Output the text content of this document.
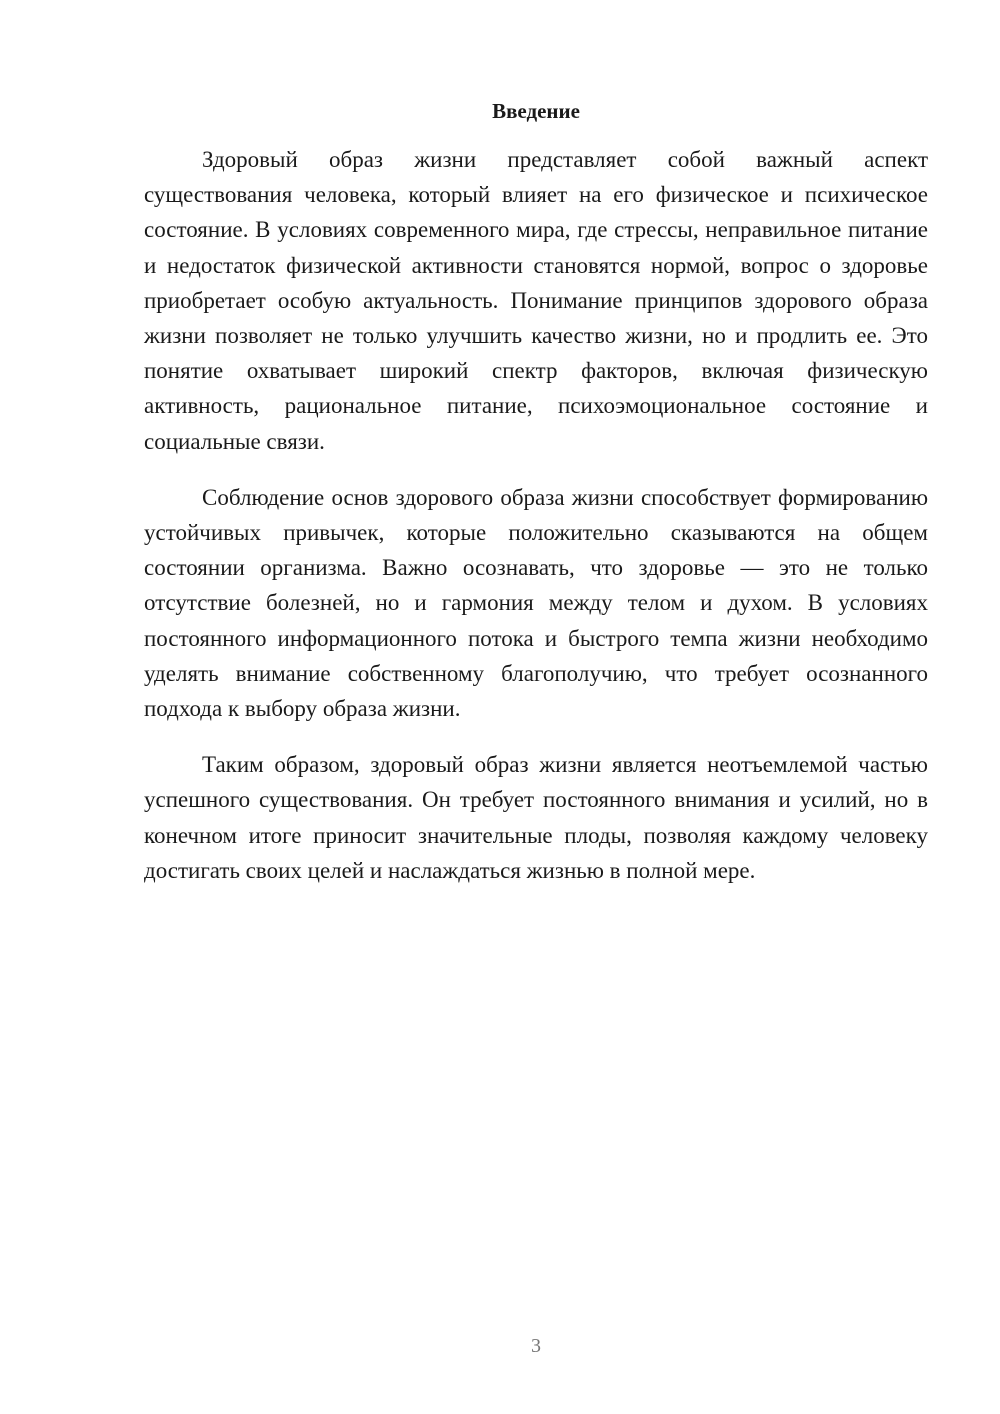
Введение

Здоровый образ жизни представляет собой важный аспект существования человека, который влияет на его физическое и психическое состояние. В условиях современного мира, где стрессы, неправильное питание и недостаток физической активности становятся нормой, вопрос о здоровье приобретает особую актуальность. Понимание принципов здорового образа жизни позволяет не только улучшить качество жизни, но и продлить ее. Это понятие охватывает широкий спектр факторов, включая физическую активность, рациональное питание, психоэмоциональное состояние и социальные связи.

Соблюдение основ здорового образа жизни способствует формированию устойчивых привычек, которые положительно сказываются на общем состоянии организма. Важно осознавать, что здоровье — это не только отсутствие болезней, но и гармония между телом и духом. В условиях постоянного информационного потока и быстрого темпа жизни необходимо уделять внимание собственному благополучию, что требует осознанного подхода к выбору образа жизни.

Таким образом, здоровый образ жизни является неотъемлемой частью успешного существования. Он требует постоянного внимания и усилий, но в конечном итоге приносит значительные плоды, позволяя каждому человеку достигать своих целей и наслаждаться жизнью в полной мере.

3
